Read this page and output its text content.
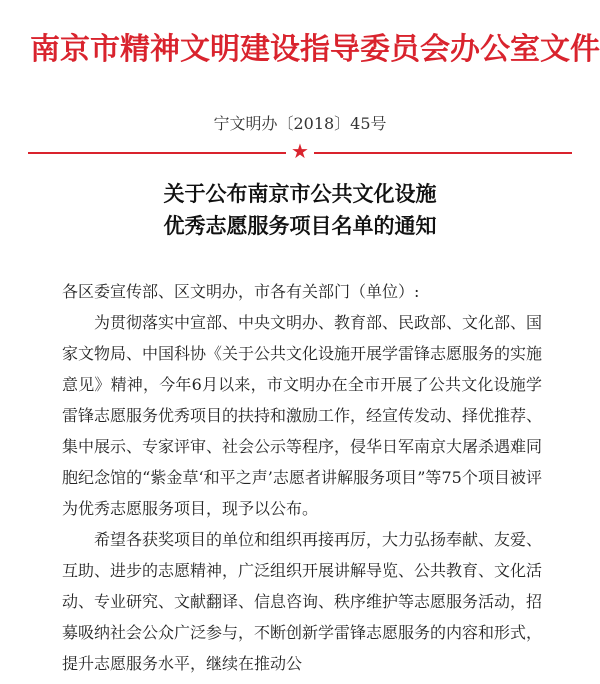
南京市精神文明建设指导委员会办公室文件
宁文明办〔2018〕45号
★
关于公布南京市公共文化设施
优秀志愿服务项目名单的通知

各区委宣传部、区文明办，市各有关部门（单位）:

为贯彻落实中宣部、中央文明办、教育部、民政部、文化部、国家文物局、中国科协《关于公共文化设施开展学雷锋志愿服务的实施意见》精神，今年6月以来，市文明办在全市开展了公共文化设施学雷锋志愿服务优秀项目的扶持和激励工作，经宣传发动、择优推荐、集中展示、专家评审、社会公示等程序，侵华日军南京大屠杀遇难同胞纪念馆的“紫金草‘和平之声’志愿者讲解服务项目”等75个项目被评为优秀志愿服务项目，现予以公布。

希望各获奖项目的单位和组织再接再厉，大力弘扬奉献、友爱、互助、进步的志愿精神，广泛组织开展讲解导览、公共教育、文化活动、专业研究、文献翻译、信息咨询、秩序维护等志愿服务活动，招募吸纳社会公众广泛参与，不断创新学雷锋志愿服务的内容和形式，提升志愿服务水平，继续在推动公
